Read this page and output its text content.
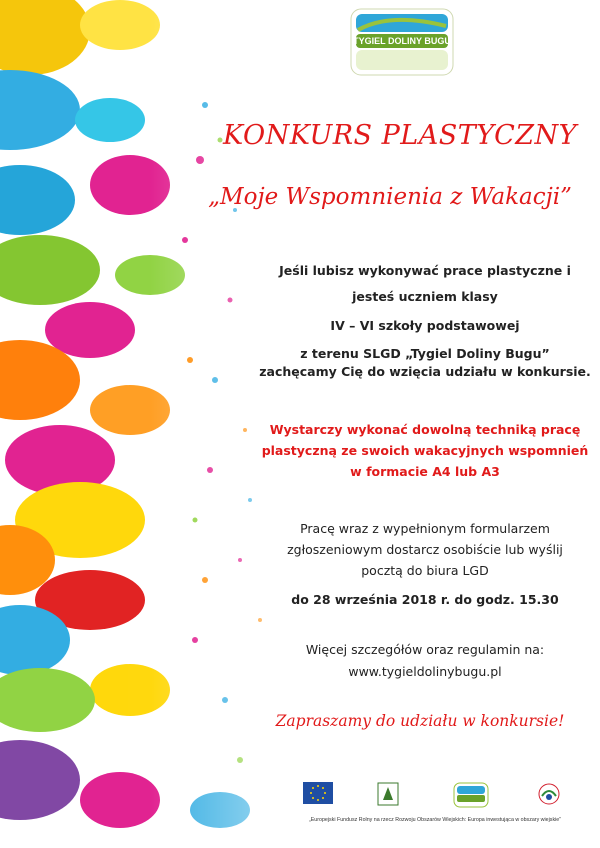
TYGIEL DOLINY BUGU
KONKURS PLASTYCZNY
„Moje Wspomnienia z Wakacji”
Jeśli lubisz wykonywać prace plastyczne i
jesteś uczniem klasy
IV – VI szkoły podstawowej
z terenu SLGD „Tygiel Doliny Bugu”
zachęcamy Cię do wzięcia udziału w konkursie.
Wystarczy wykonać dowolną techniką pracę
plastyczną ze swoich wakacyjnych wspomnień
w formacie A4 lub A3
Pracę wraz z wypełnionym formularzem
zgłoszeniowym dostarcz osobiście lub wyślij
pocztą do biura LGD
do 28 września 2018 r. do godz. 15.30
Więcej szczegółów oraz regulamin na:
www.tygieldolinybugu.pl
Zapraszamy do udziału w konkursie!
„Europejski Fundusz Rolny na rzecz Rozwoju Obszarów Wiejskich: Europa inwestująca w obszary wiejskie”
